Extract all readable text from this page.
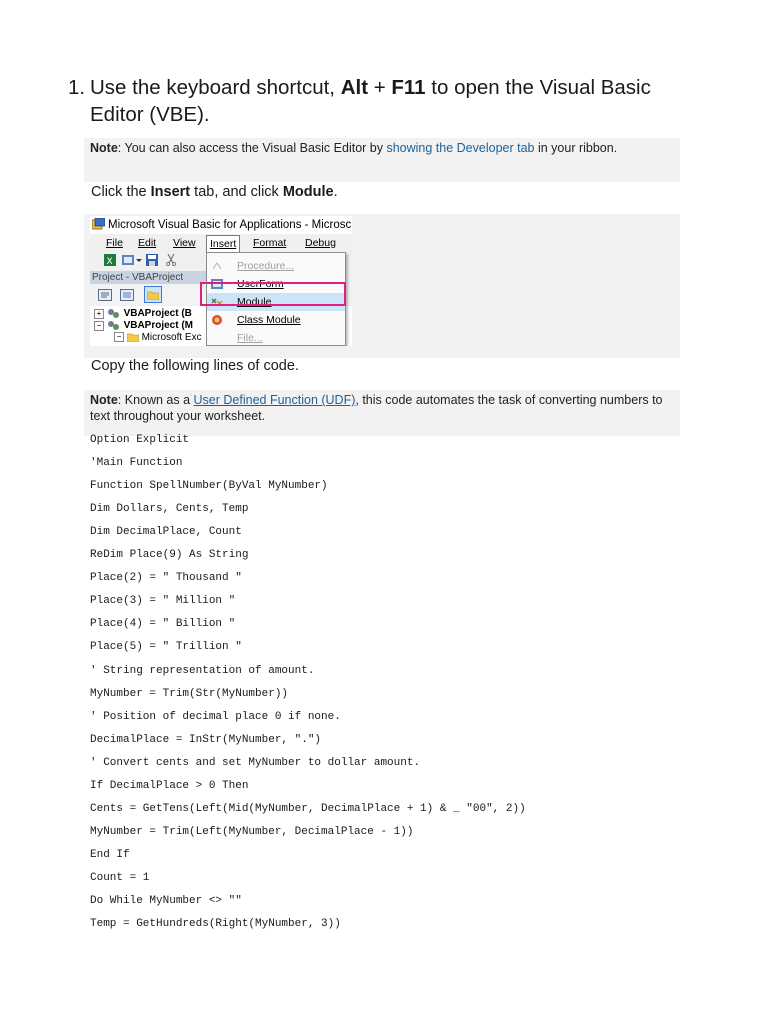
1. Use the keyboard shortcut, Alt + F11 to open the Visual Basic Editor (VBE).
Note: You can also access the Visual Basic Editor by showing the Developer tab in your ribbon.
Click the Insert tab, and click Module.
Microsoft Visual Basic for Applications - Microsc
File Edit View	Insert	Format Debug
X
Project - VBAProject
+ VBAProject (B
− VBAProject (M
− Microsoft Exc
Procedure...
UserForm
Module
Class Module
File...
Copy the following lines of code.
Note: Known as a User Defined Function (UDF), this code automates the task of converting numbers to text throughout your worksheet.
Option Explicit
'Main Function
Function SpellNumber(ByVal MyNumber)
Dim Dollars, Cents, Temp
Dim DecimalPlace, Count
ReDim Place(9) As String
Place(2) = " Thousand "
Place(3) = " Million "
Place(4) = " Billion "
Place(5) = " Trillion "
' String representation of amount.
MyNumber = Trim(Str(MyNumber))
' Position of decimal place 0 if none.
DecimalPlace = InStr(MyNumber, ".")
' Convert cents and set MyNumber to dollar amount.
If DecimalPlace > 0 Then
Cents = GetTens(Left(Mid(MyNumber, DecimalPlace + 1) & _ "00", 2))
MyNumber = Trim(Left(MyNumber, DecimalPlace - 1))
End If
Count = 1
Do While MyNumber <> ""
Temp = GetHundreds(Right(MyNumber, 3))
